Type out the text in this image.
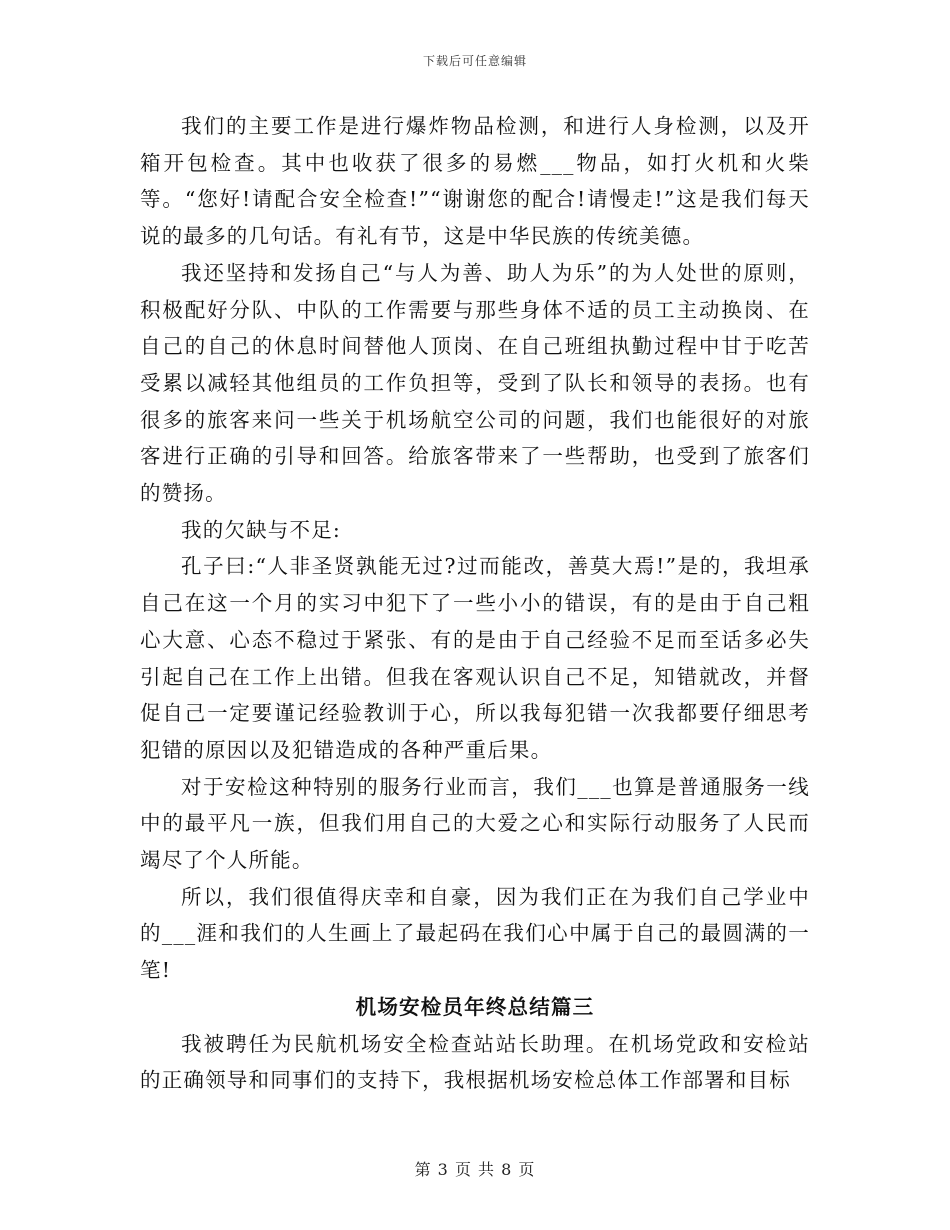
下载后可任意编辑

我们的主要工作是进行爆炸物品检测，和进行人身检测，以及开箱开包检查。其中也收获了很多的易燃___物品，如打火机和火柴等。“您好!请配合安全检查!”“谢谢您的配合!请慢走!”这是我们每天说的最多的几句话。有礼有节，这是中华民族的传统美德。

我还坚持和发扬自己“与人为善、助人为乐”的为人处世的原则，积极配好分队、中队的工作需要与那些身体不适的员工主动换岗、在自己的自己的休息时间替他人顶岗、在自己班组执勤过程中甘于吃苦受累以减轻其他组员的工作负担等，受到了队长和领导的表扬。也有很多的旅客来问一些关于机场航空公司的问题，我们也能很好的对旅客进行正确的引导和回答。给旅客带来了一些帮助，也受到了旅客们的赞扬。

我的欠缺与不足:

孔子曰:“人非圣贤孰能无过?过而能改，善莫大焉!”是的，我坦承自己在这一个月的实习中犯下了一些小小的错误，有的是由于自己粗心大意、心态不稳过于紧张、有的是由于自己经验不足而至话多必失引起自己在工作上出错。但我在客观认识自己不足，知错就改，并督促自己一定要谨记经验教训于心，所以我每犯错一次我都要仔细思考犯错的原因以及犯错造成的各种严重后果。

对于安检这种特别的服务行业而言，我们___也算是普通服务一线中的最平凡一族，但我们用自己的大爱之心和实际行动服务了人民而竭尽了个人所能。

所以，我们很值得庆幸和自豪，因为我们正在为我们自己学业中的___涯和我们的人生画上了最起码在我们心中属于自己的最圆满的一笔!

机场安检员年终总结篇三

我被聘任为民航机场安全检查站站长助理。在机场党政和安检站的正确领导和同事们的支持下，我根据机场安检总体工作部署和目标

第 3 页 共 8 页
